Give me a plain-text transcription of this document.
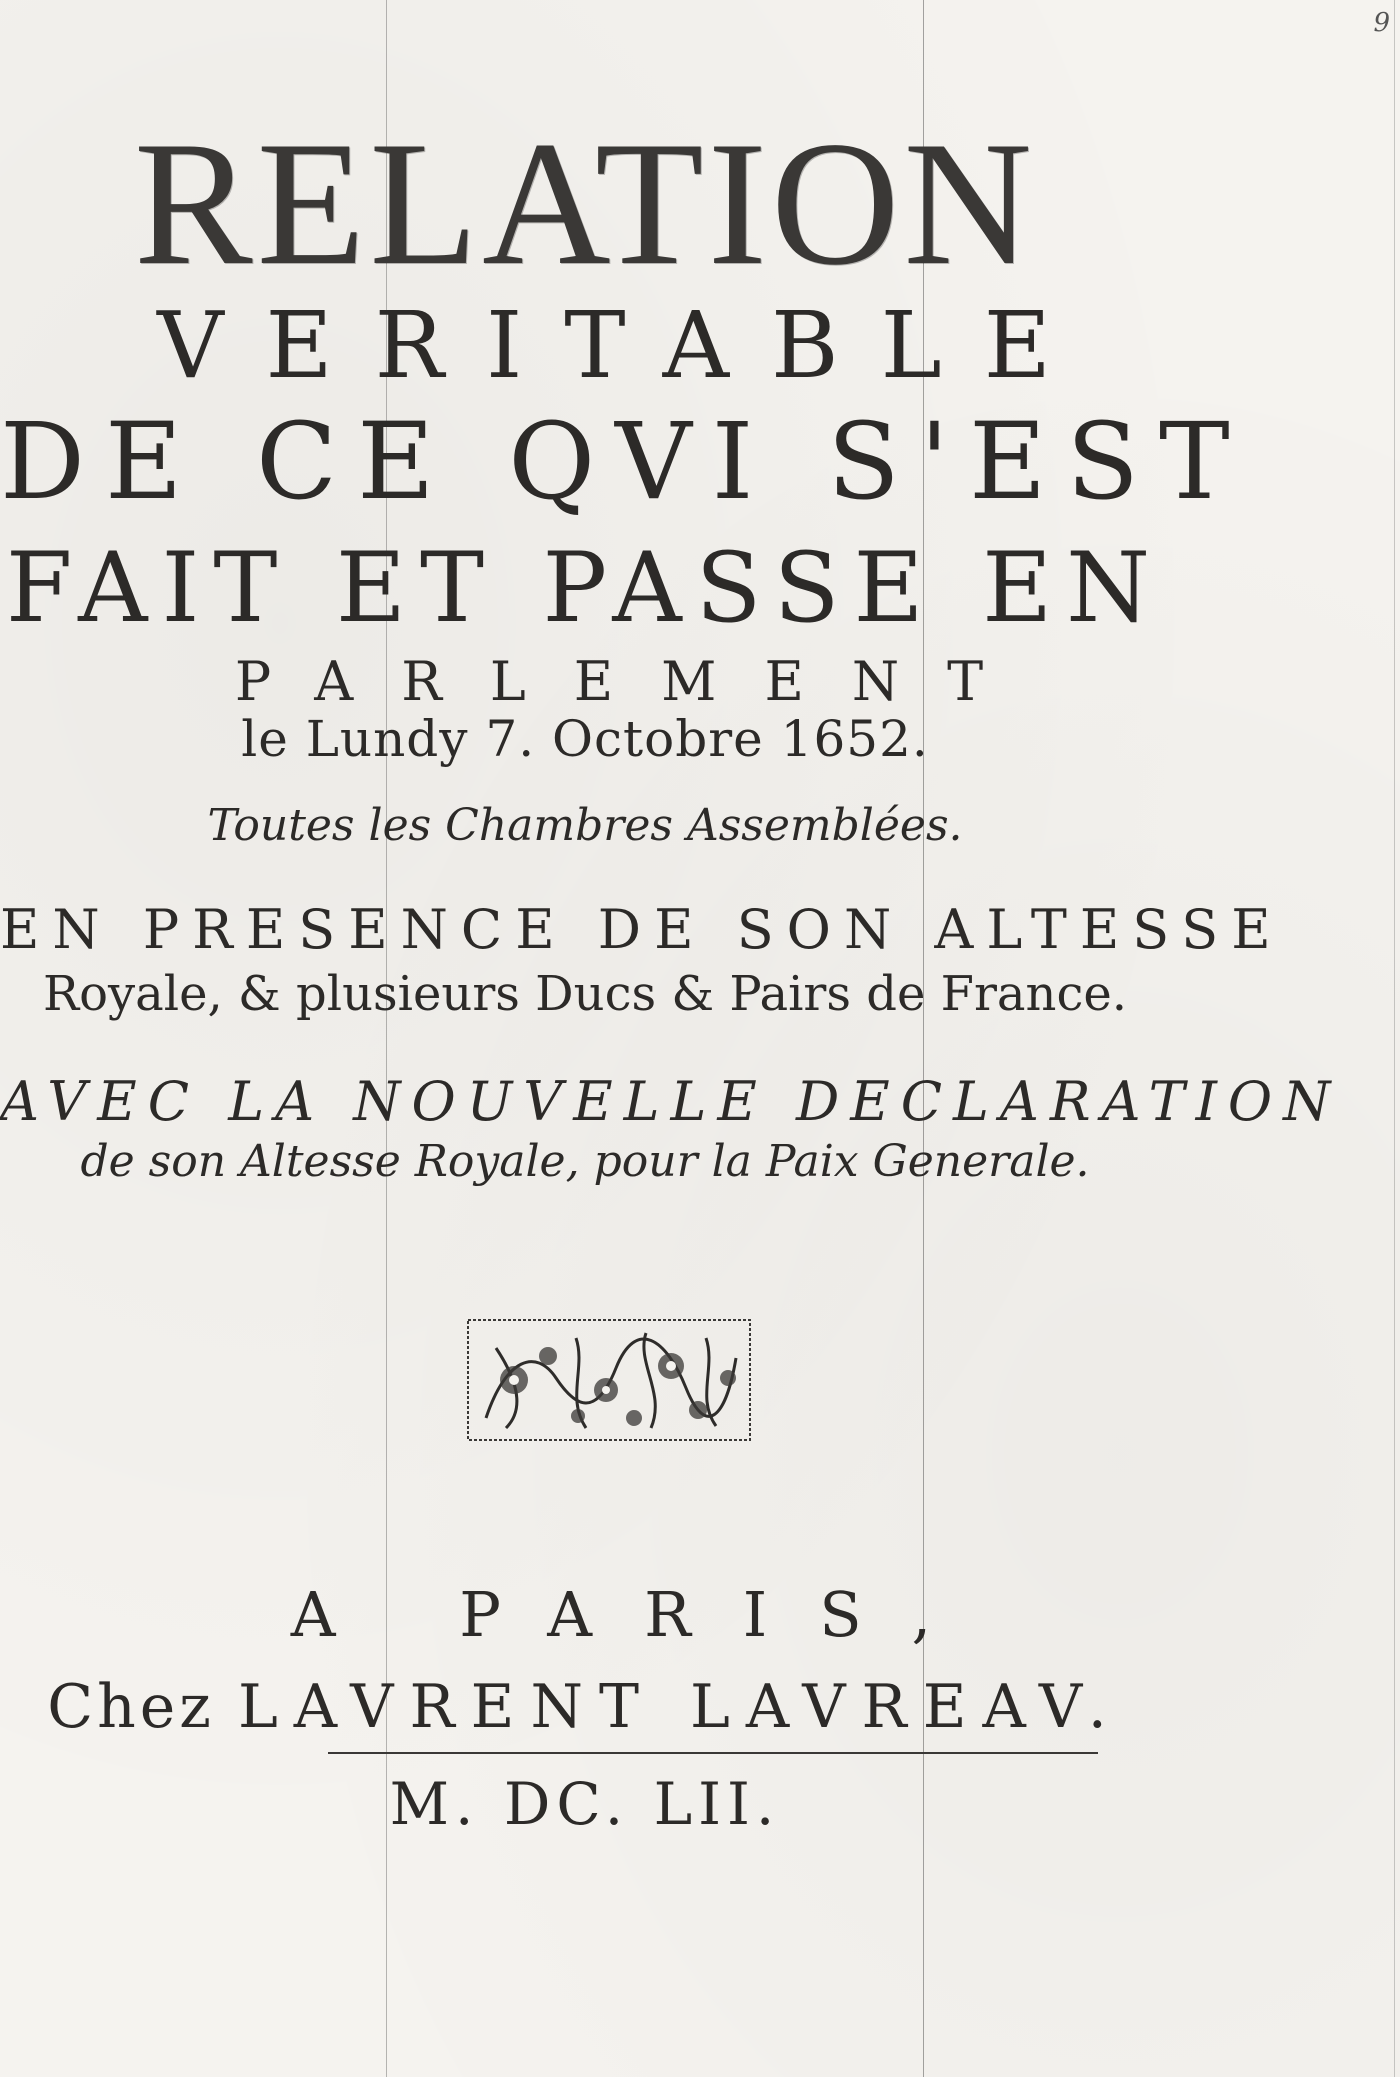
9
RELATION
VERITABLE
DE CE QVI S'EST
FAIT ET PASSE EN
PARLEMENT
le Lundy 7. Octobre 1652.
Toutes les Chambres Assemblées.
EN PRESENCE DE SON ALTESSE
Royale, & plusieurs Ducs & Pairs de France.
AVEC LA NOUVELLE DECLARATION
de son Altesse Royale, pour la Paix Generale.
A PARIS,
Chez LAVRENT LAVREAV.
M. DC. LII.
